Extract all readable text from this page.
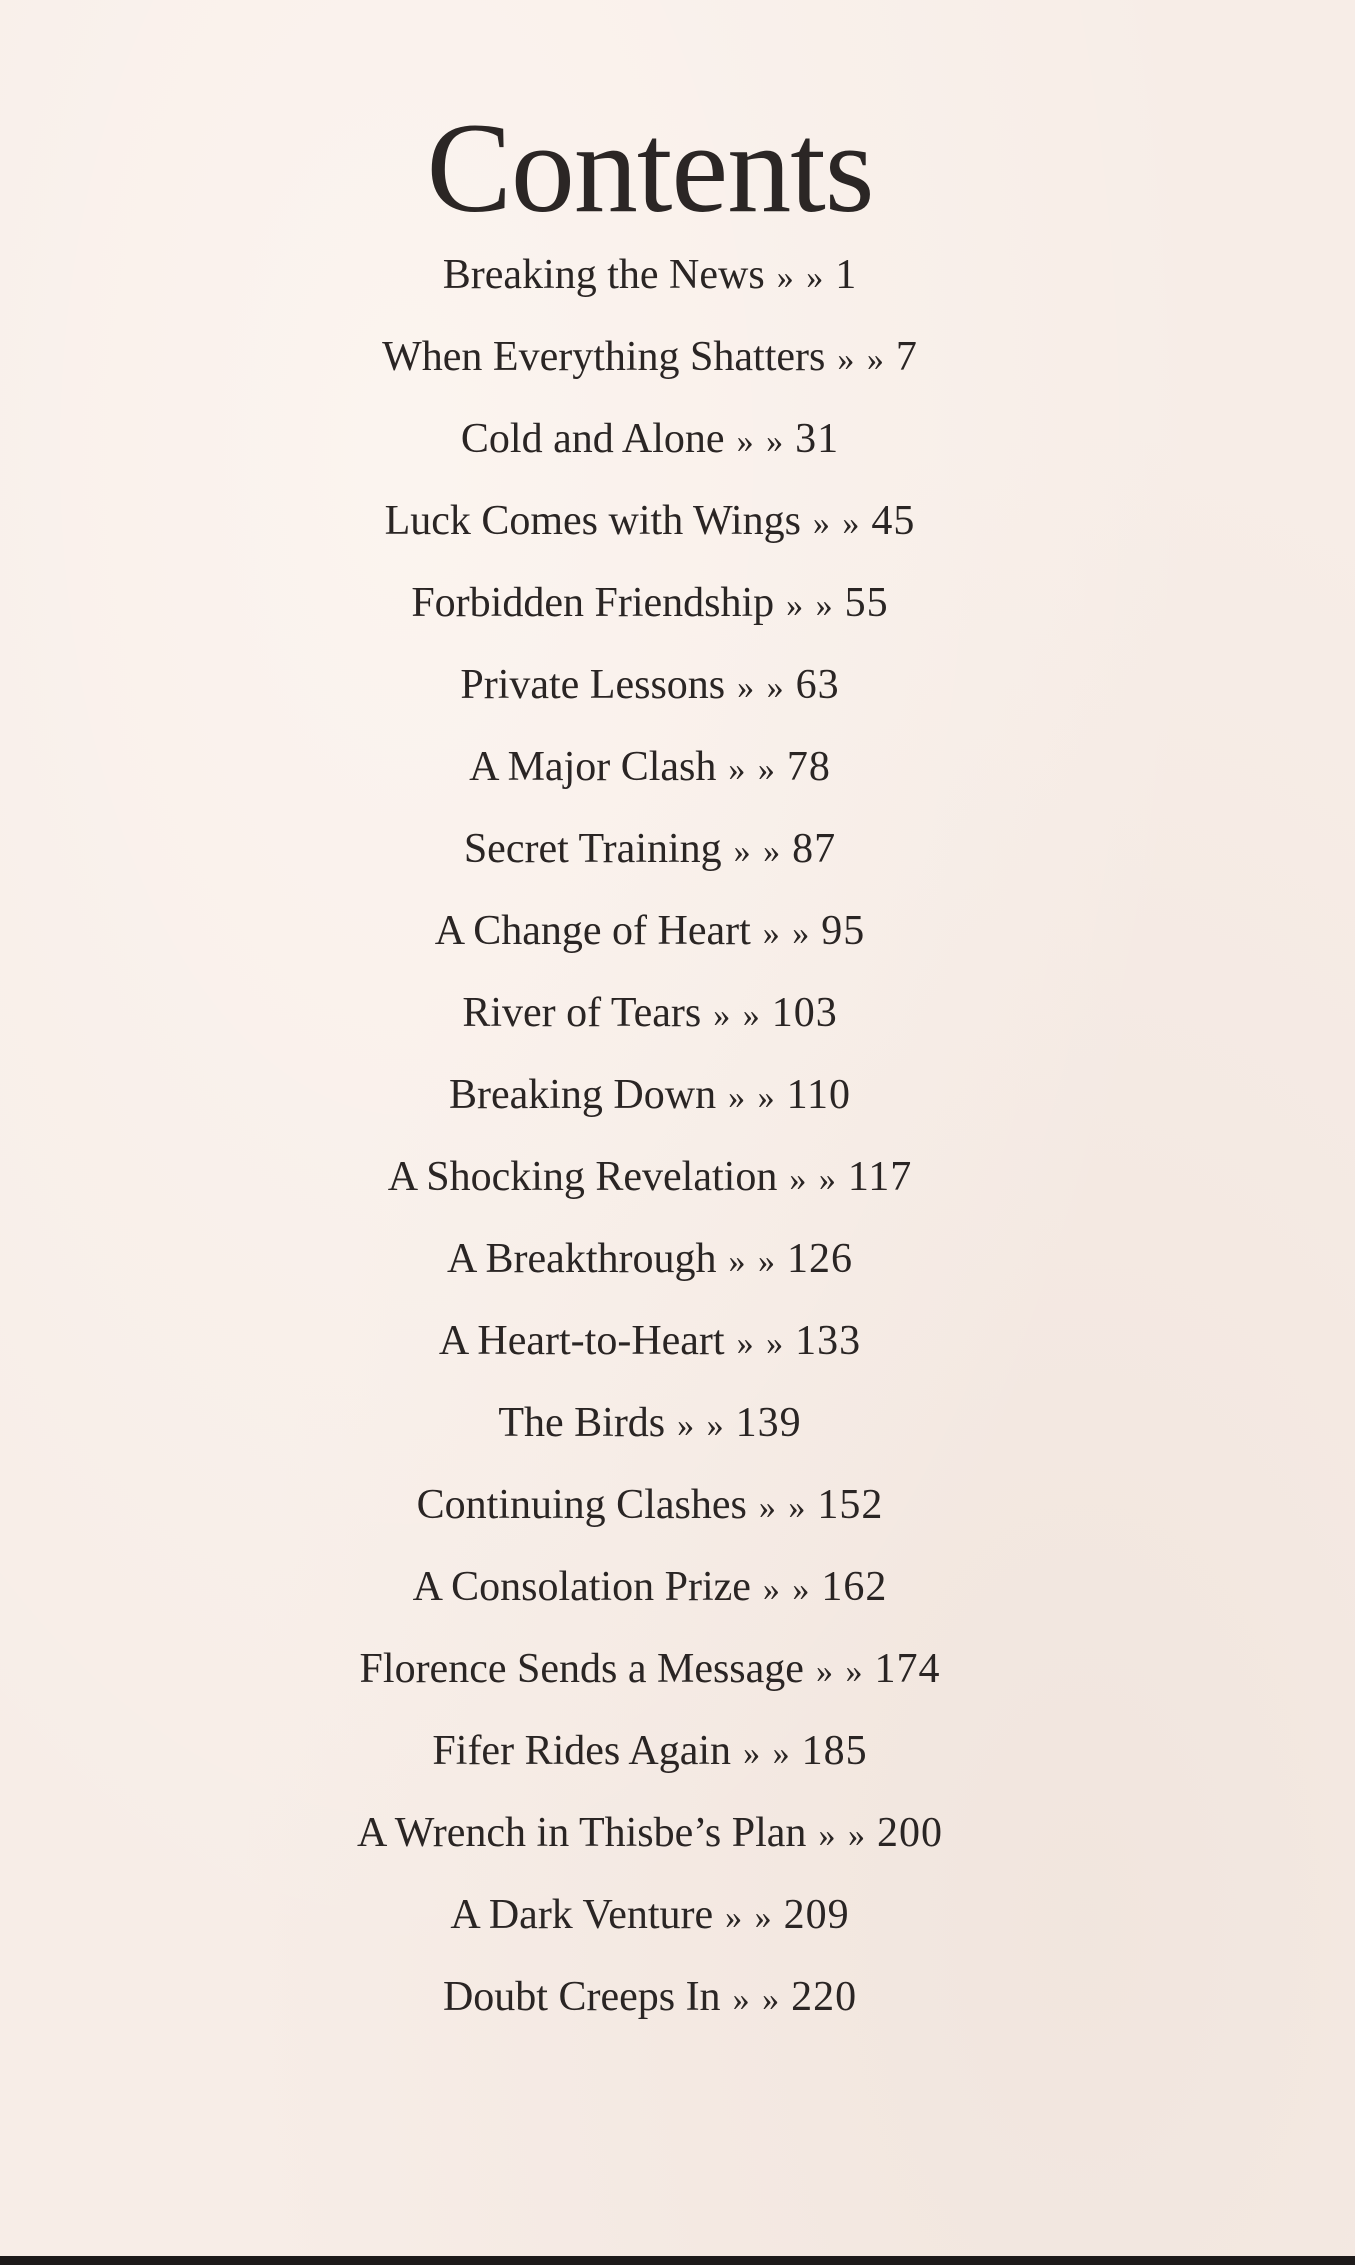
Contents
Breaking the News » » 1
When Everything Shatters » » 7
Cold and Alone » » 31
Luck Comes with Wings » » 45
Forbidden Friendship » » 55
Private Lessons » » 63
A Major Clash » » 78
Secret Training » » 87
A Change of Heart » » 95
River of Tears » » 103
Breaking Down » » 110
A Shocking Revelation » » 117
A Breakthrough » » 126
A Heart-to-Heart » » 133
The Birds » » 139
Continuing Clashes » » 152
A Consolation Prize » » 162
Florence Sends a Message » » 174
Fifer Rides Again » » 185
A Wrench in Thisbe’s Plan » » 200
A Dark Venture » » 209
Doubt Creeps In » » 220
